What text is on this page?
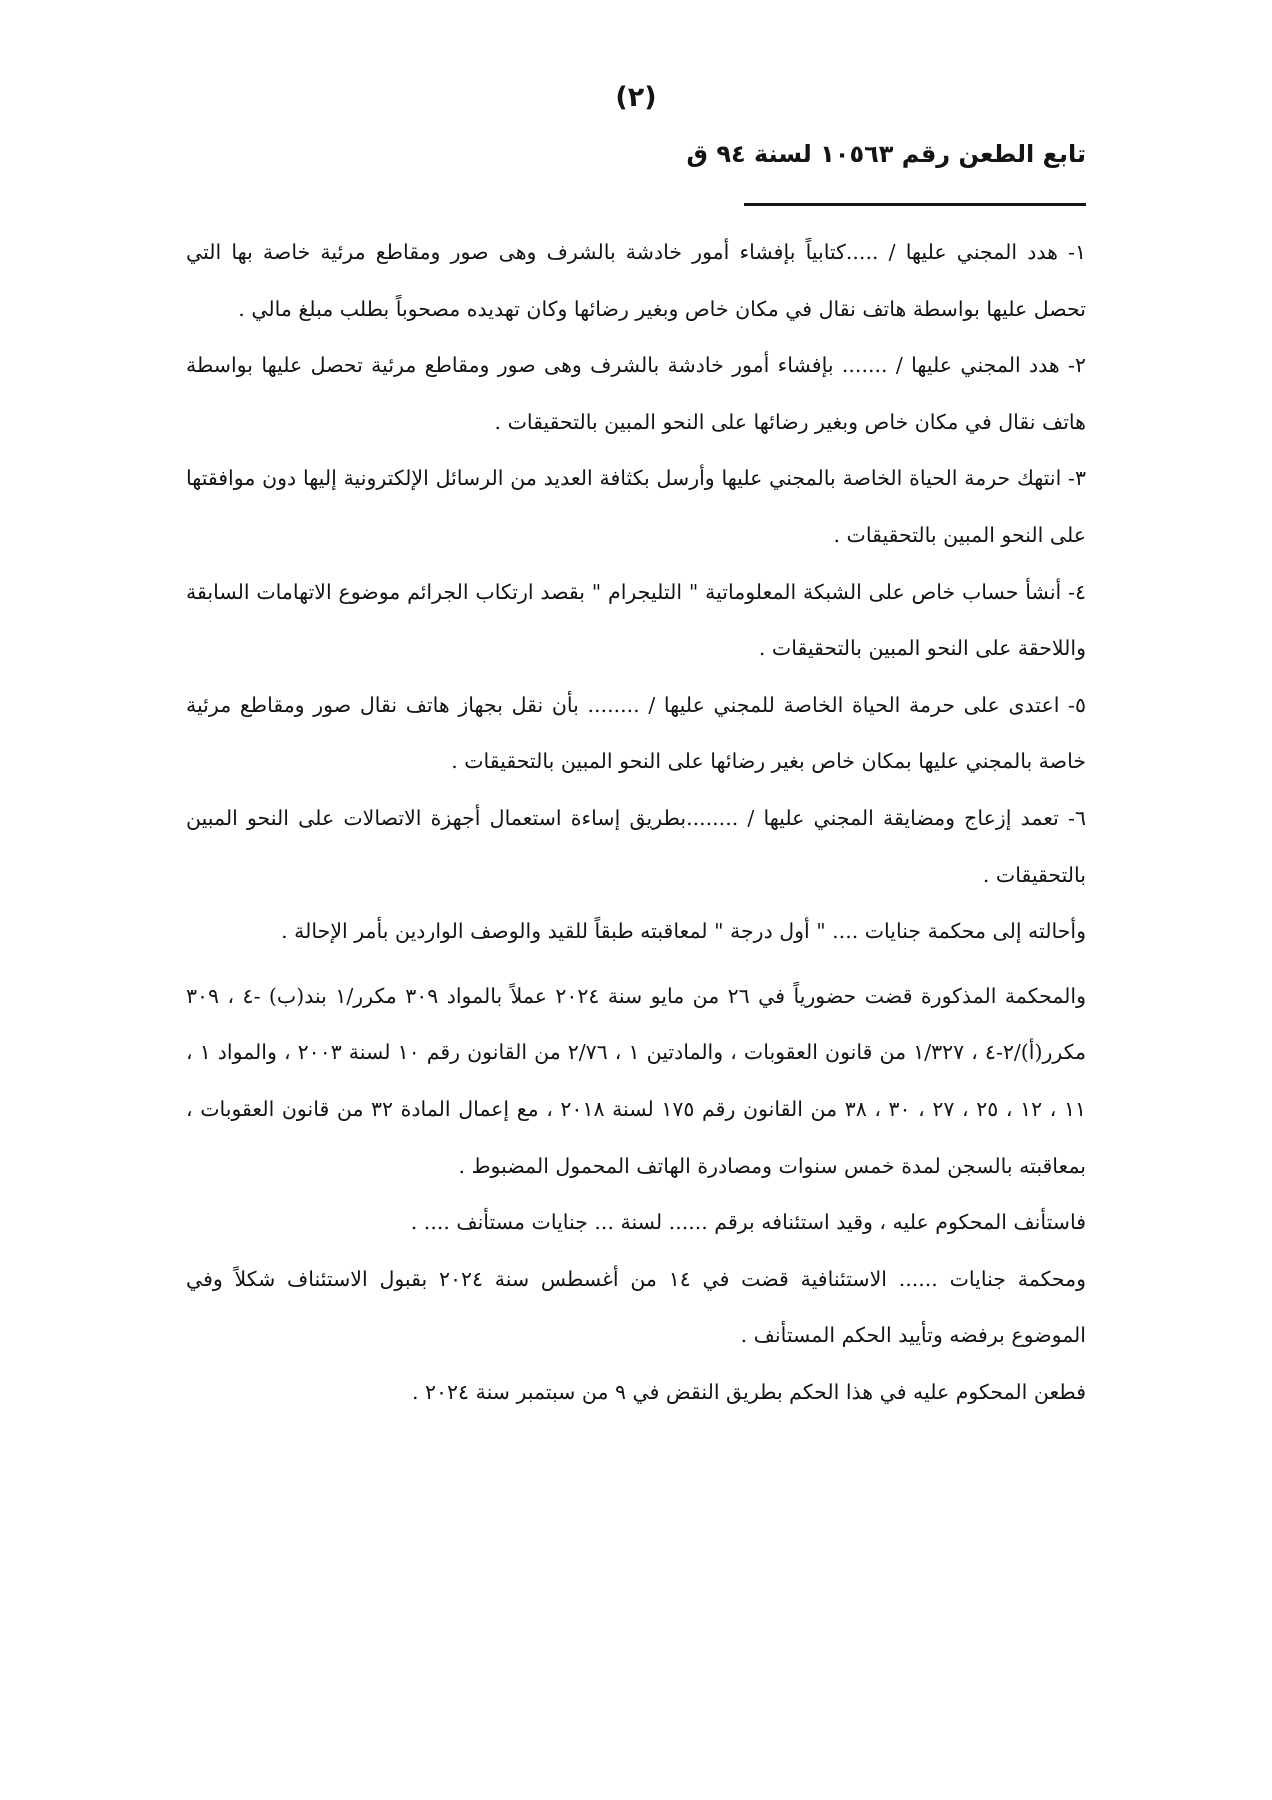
(٢)
تابع الطعن رقم ١٠٥٦٣ لسنة ٩٤ ق

١- هدد المجني عليها / .....كتابياً بإفشاء أمور خادشة بالشرف وهى صور ومقاطع مرئية خاصة بها التي تحصل عليها بواسطة هاتف نقال في مكان خاص وبغير رضائها وكان تهديده مصحوباً بطلب مبلغ مالي .

٢- هدد المجني عليها / ....... بإفشاء أمور خادشة بالشرف وهى صور ومقاطع مرئية تحصل عليها بواسطة هاتف نقال في مكان خاص وبغير رضائها على النحو المبين بالتحقيقات .

٣- انتهك حرمة الحياة الخاصة بالمجني عليها وأرسل بكثافة العديد من الرسائل الإلكترونية إليها دون موافقتها على النحو المبين بالتحقيقات .

٤- أنشأ حساب خاص على الشبكة المعلوماتية " التليجرام " بقصد ارتكاب الجرائم موضوع الاتهامات السابقة واللاحقة على النحو المبين بالتحقيقات .

٥- اعتدى على حرمة الحياة الخاصة للمجني عليها / ........ بأن نقل بجهاز هاتف نقال صور ومقاطع مرئية خاصة بالمجني عليها بمكان خاص بغير رضائها على النحو المبين بالتحقيقات .

٦- تعمد إزعاج ومضايقة المجني عليها / ........بطريق إساءة استعمال أجهزة الاتصالات على النحو المبين بالتحقيقات .

وأحالته إلى محكمة جنايات .... " أول درجة " لمعاقبته طبقاً للقيد والوصف الواردين بأمر الإحالة .

والمحكمة المذكورة قضت حضورياً في ٢٦ من مايو سنة ٢٠٢٤ عملاً بالمواد ٣٠٩ مكرر/١ بند(ب) -٤ ، ٣٠٩ مكرر(أ)/٢-٤ ، ١/٣٢٧ من قانون العقوبات ، والمادتين ١ ، ٢/٧٦ من القانون رقم ١٠ لسنة ٢٠٠٣ ، والمواد ١ ، ١١ ، ١٢ ، ٢٥ ، ٢٧ ، ٣٠ ، ٣٨ من القانون رقم ١٧٥ لسنة ٢٠١٨ ، مع إعمال المادة ٣٢ من قانون العقوبات ، بمعاقبته بالسجن لمدة خمس سنوات ومصادرة الهاتف المحمول المضبوط .

فاستأنف المحكوم عليه ، وقيد استئنافه برقم ...... لسنة ... جنايات مستأنف .... .

ومحكمة جنايات ...... الاستئنافية قضت في ١٤ من أغسطس سنة ٢٠٢٤ بقبول الاستئناف شكلاً وفي الموضوع برفضه وتأييد الحكم المستأنف .

فطعن المحكوم عليه في هذا الحكم بطريق النقض في ٩ من سبتمبر سنة ٢٠٢٤ .
